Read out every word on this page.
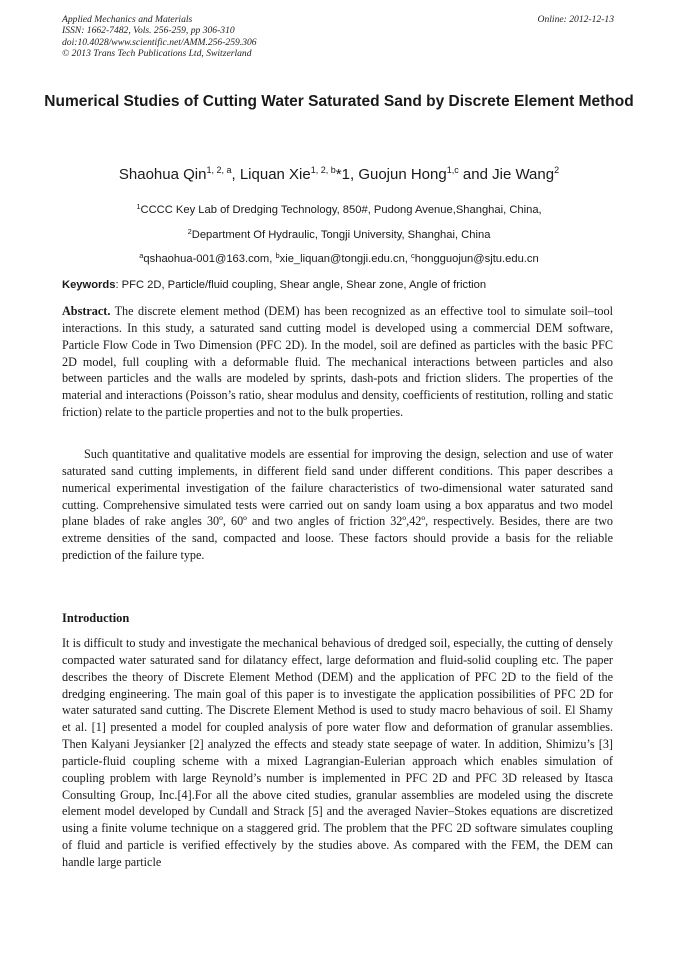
Applied Mechanics and Materials
ISSN: 1662-7482, Vols. 256-259, pp 306-310
doi:10.4028/www.scientific.net/AMM.256-259.306
© 2013 Trans Tech Publications Ltd, Switzerland
Online: 2012-12-13
Numerical Studies of Cutting Water Saturated Sand by Discrete Element Method
Shaohua Qin$^{1, 2, a}$, Liquan Xie$^{1, 2, b}$*1, Guojun Hong$^{1,c}$ and Jie Wang$^2$
$^1$CCCC Key Lab of Dredging Technology, 850#, Pudong Avenue,Shanghai, China,
$^2$Department Of Hydraulic, Tongji University, Shanghai, China
$^a$qshaohua-001@163.com, $^b$xie_liquan@tongji.edu.cn, $^c$hongguojun@sjtu.edu.cn
Keywords: PFC 2D, Particle/fluid coupling, Shear angle, Shear zone, Angle of friction

Abstract. The discrete element method (DEM) has been recognized as an effective tool to simulate soil–tool interactions. In this study, a saturated sand cutting model is developed using a commercial DEM software, Particle Flow Code in Two Dimension (PFC 2D). In the model, soil are defined as particles with the basic PFC 2D model, full coupling with a deformable fluid. The mechanical interactions between particles and also between particles and the walls are modeled by sprints, dash-pots and friction sliders. The properties of the material and interactions (Poisson’s ratio, shear modulus and density, coefficients of restitution, rolling and static friction) relate to the particle properties and not to the bulk properties.

Such quantitative and qualitative models are essential for improving the design, selection and use of water saturated sand cutting implements, in different field sand under different conditions. This paper describes a numerical experimental investigation of the failure characteristics of two-dimensional water saturated sand cutting. Comprehensive simulated tests were carried out on sandy loam using a box apparatus and two model plane blades of rake angles 30º, 60º and two angles of friction 32º,42º, respectively. Besides, there are two extreme densities of the sand, compacted and loose. These factors should provide a basis for the reliable prediction of the failure type.

Introduction

It is difficult to study and investigate the mechanical behavious of dredged soil, especially, the cutting of densely compacted water saturated sand for dilatancy effect, large deformation and fluid-solid coupling etc. The paper describes the theory of Discrete Element Method (DEM) and the application of PFC 2D to the field of the dredging engineering. The main goal of this paper is to investigate the application possibilities of PFC 2D for water saturated sand cutting. The Discrete Element Method is used to study macro behavious of soil. El Shamy et al. [1] presented a model for coupled analysis of pore water flow and deformation of granular assemblies. Then Kalyani Jeysianker [2] analyzed the effects and steady state seepage of water. In addition, Shimizu’s [3] particle-fluid coupling scheme with a mixed Lagrangian-Eulerian approach which enables simulation of coupling problem with large Reynold’s number is implemented in PFC 2D and PFC 3D released by Itasca Consulting Group, Inc.[4].For all the above cited studies, granular assemblies are modeled using the discrete element model developed by Cundall and Strack [5] and the averaged Navier–Stokes equations are discretized using a finite volume technique on a staggered grid. The problem that the PFC 2D software simulates coupling of fluid and particle is verified effectively by the studies above. As compared with the FEM, the DEM can handle large particle
